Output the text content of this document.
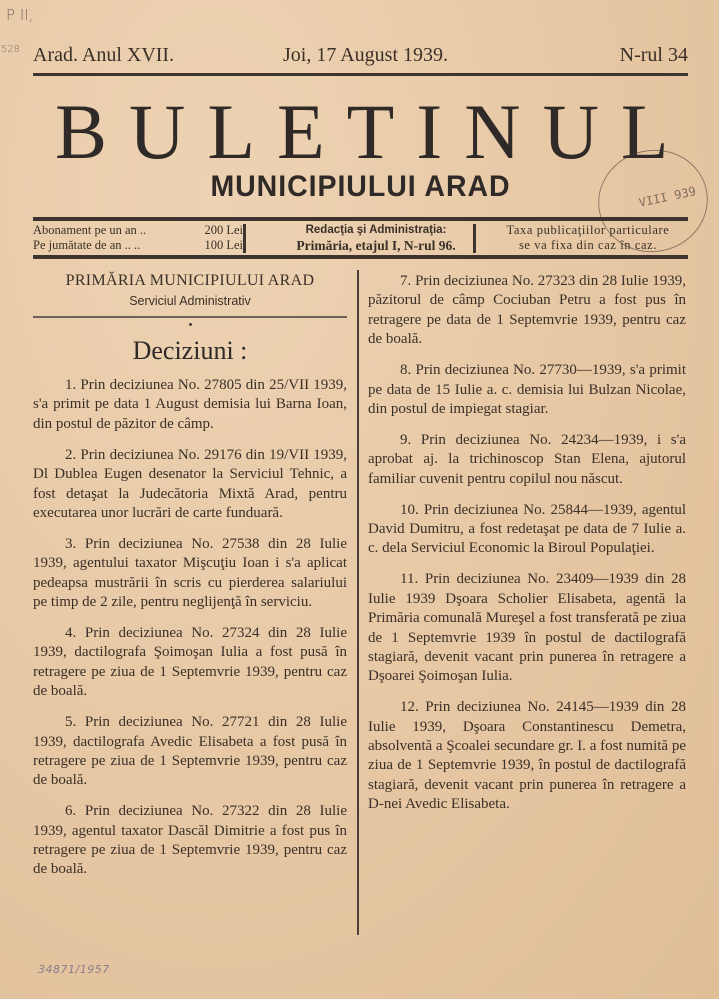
P II,
528 Arad. Anul XVII.	Joi, 17 August 1939.	N-rul 34
BULETINUL
MUNICIPIULUI ARAD	VIII 939
Abonament pe un an ..	200 Lei
Pe jumătate de an .. ..	100 Lei
Redacţia şi Administraţia:
Primăria, etajul I, N-rul 96.
Taxa publicaţiilor particulare
se va fixa din caz în caz.
PRIMĂRIA MUNICIPIULUI ARAD
Serviciul Administrativ
Deciziuni :

1. Prin deciziunea No. 27805 din 25/VII 1939, s'a primit pe data 1 August demisia lui Barna Ioan, din postul de păzitor de câmp.

2. Prin deciziunea No. 29176 din 19/VII 1939, Dl Dublea Eugen desenator la Serviciul Tehnic, a fost detaşat la Judecătoria Mixtă Arad, pentru executarea unor lucrări de carte funduară.

3. Prin deciziunea No. 27538 din 28 Iulie 1939, agentului taxator Mişcuţiu Ioan i s'a aplicat pedeapsa mustrării în scris cu pierderea salariului pe timp de 2 zile, pentru neglijenţă în serviciu.

4. Prin deciziunea No. 27324 din 28 Iulie 1939, dactilografa Şoimoşan Iulia a fost pusă în retragere pe ziua de 1 Septemvrie 1939, pentru caz de boală.

5. Prin deciziunea No. 27721 din 28 Iulie 1939, dactilografa Avedic Elisabeta a fost pusă în retragere pe ziua de 1 Septemvrie 1939, pentru caz de boală.

6. Prin deciziunea No. 27322 din 28 Iulie 1939, agentul taxator Dascăl Dimitrie a fost pus în retragere pe ziua de 1 Septemvrie 1939, pentru caz de boală.

7. Prin deciziunea No. 27323 din 28 Iulie 1939, păzitorul de câmp Cociuban Petru a fost pus în retragere pe data de 1 Septemvrie 1939, pentru caz de boală.

8. Prin deciziunea No. 27730—1939, s'a primit pe data de 15 Iulie a. c. demisia lui Bulzan Nicolae, din postul de impiegat stagiar.

9. Prin deciziunea No. 24234—1939, i s'a aprobat aj. la trichinoscop Stan Elena, ajutorul familiar cuvenit pentru copilul nou născut.

10. Prin deciziunea No. 25844—1939, agentul David Dumitru, a fost redetaşat pe data de 7 Iulie a. c. dela Serviciul Economic la Biroul Populaţiei.

11. Prin deciziunea No. 23409—1939 din 28 Iulie 1939 Dşoara Scholier Elisabeta, agentă la Primăria comunală Mureşel a fost transferată pe ziua de 1 Septemvrie 1939 în postul de dactilografă stagiară, devenit vacant prin punerea în retragere a Dşoarei Şoimoşan Iulia.

12. Prin deciziunea No. 24145—1939 din 28 Iulie 1939, Dşoara Constantinescu Demetra, absolventă a Şcoalei secundare gr. I. a fost numită pe ziua de 1 Septemvrie 1939, în postul de dactilografă stagiară, devenit vacant prin punerea în retragere a D-nei Avedic Elisabeta.

34871/1957
